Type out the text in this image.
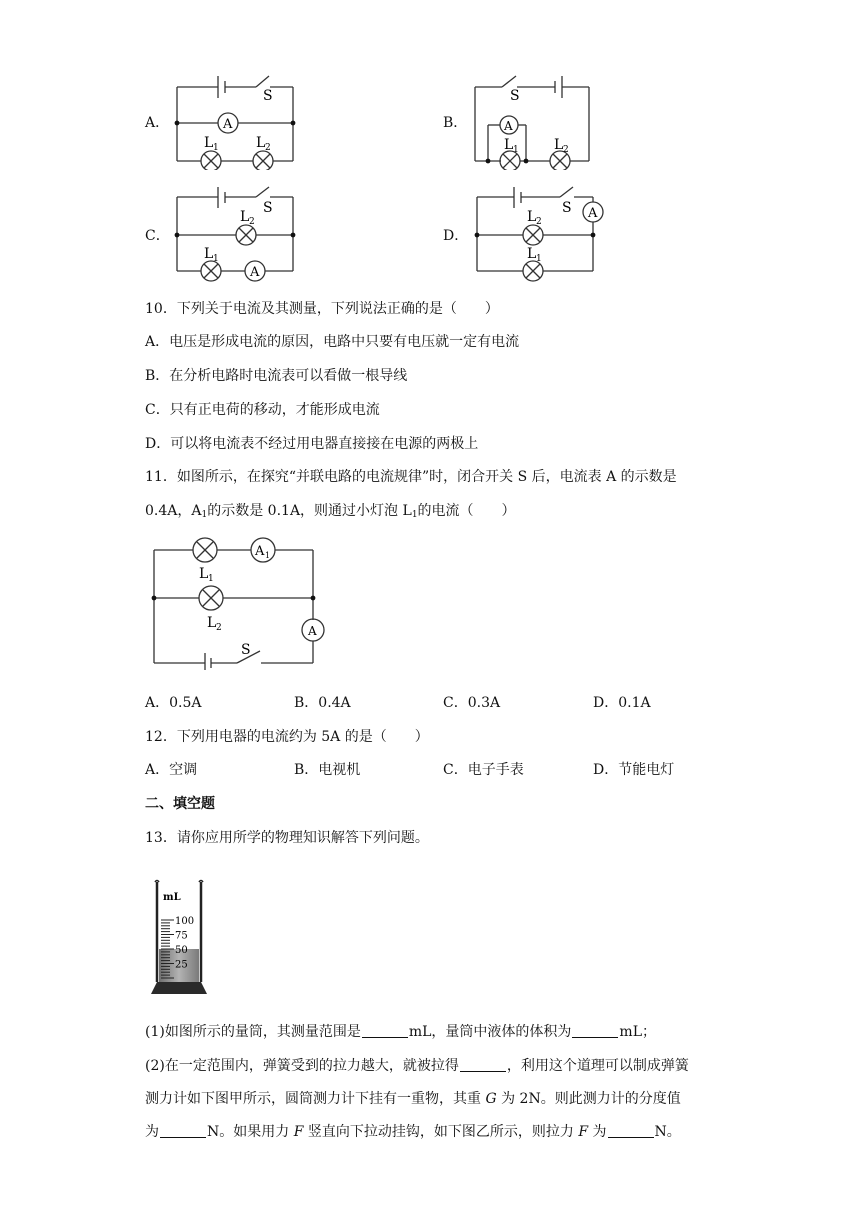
A．	B．
C．	D．
S
A
L 1	L 2
S
A
L 1	L 2
S
L 2
L 1
A
S A
L 2
L 1
10．下列关于电流及其测量，下列说法正确的是（　　）
A．电压是形成电流的原因，电路中只要有电压就一定有电流
B．在分析电路时电流表可以看做一根导线
C．只有正电荷的移动，才能形成电流
D．可以将电流表不经过用电器直接接在电源的两极上
11．如图所示，在探究“并联电路的电流规律”时，闭合开关 S 后，电流表 A 的示数是
0.4A，$A_1$的示数是 0.1A，则通过小灯泡 $L_1$的电流（　　）
A 1
L 1
L 2	A
S
A．0.5A	B．0.4A	C．0.3A	D．0.1A
12．下列用电器的电流约为 5A 的是（　　）
A．空调	B．电视机	C．电子手表	D．节能电灯
二、填空题
13．请你应用所学的物理知识解答下列问题。
mL
100
75
50
25
(1)如图所示的量筒，其测量范围是	mL，量筒中液体的体积为	mL；
(2)在一定范围内，弹簧受到的拉力越大，就被拉得	，利用这个道理可以制成弹簧
测力计如下图甲所示，圆筒测力计下挂有一重物，其重 G 为 2N。则此测力计的分度值
为	N。如果用力 F 竖直向下拉动挂钩，如下图乙所示，则拉力 F 为	N。
